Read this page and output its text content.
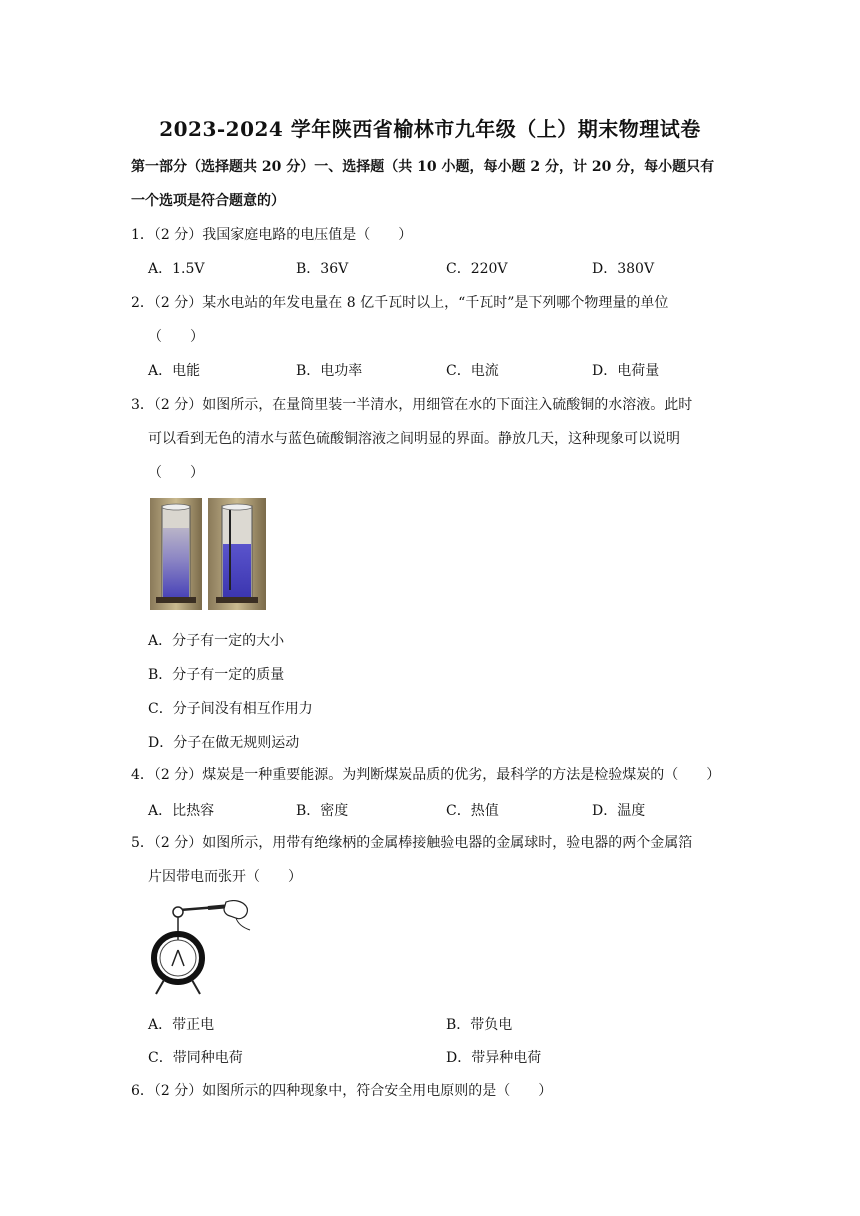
2023-2024 学年陕西省榆林市九年级（上）期末物理试卷
第一部分（选择题共 20 分）一、选择题（共 10 小题，每小题 2 分，计 20 分，每小题只有
一个选项是符合题意的）
1．（2 分）我国家庭电路的电压值是（　　）
A．1.5V	B．36V	C．220V	D．380V
2．（2 分）某水电站的年发电量在 8 亿千瓦时以上，“千瓦时”是下列哪个物理量的单位
（　　）
A．电能	B．电功率	C．电流	D．电荷量
3．（2 分）如图所示，在量筒里装一半清水，用细管在水的下面注入硫酸铜的水溶液。此时
可以看到无色的清水与蓝色硫酸铜溶液之间明显的界面。静放几天，这种现象可以说明
（　　）
A．分子有一定的大小
B．分子有一定的质量
C．分子间没有相互作用力
D．分子在做无规则运动
4．（2 分）煤炭是一种重要能源。为判断煤炭品质的优劣，最科学的方法是检验煤炭的（　　）
A．比热容	B．密度	C．热值	D．温度
5．（2 分）如图所示，用带有绝缘柄的金属棒接触验电器的金属球时，验电器的两个金属箔
片因带电而张开（　　）
A．带正电	B．带负电
C．带同种电荷	D．带异种电荷
6．（2 分）如图所示的四种现象中，符合安全用电原则的是（　　）
